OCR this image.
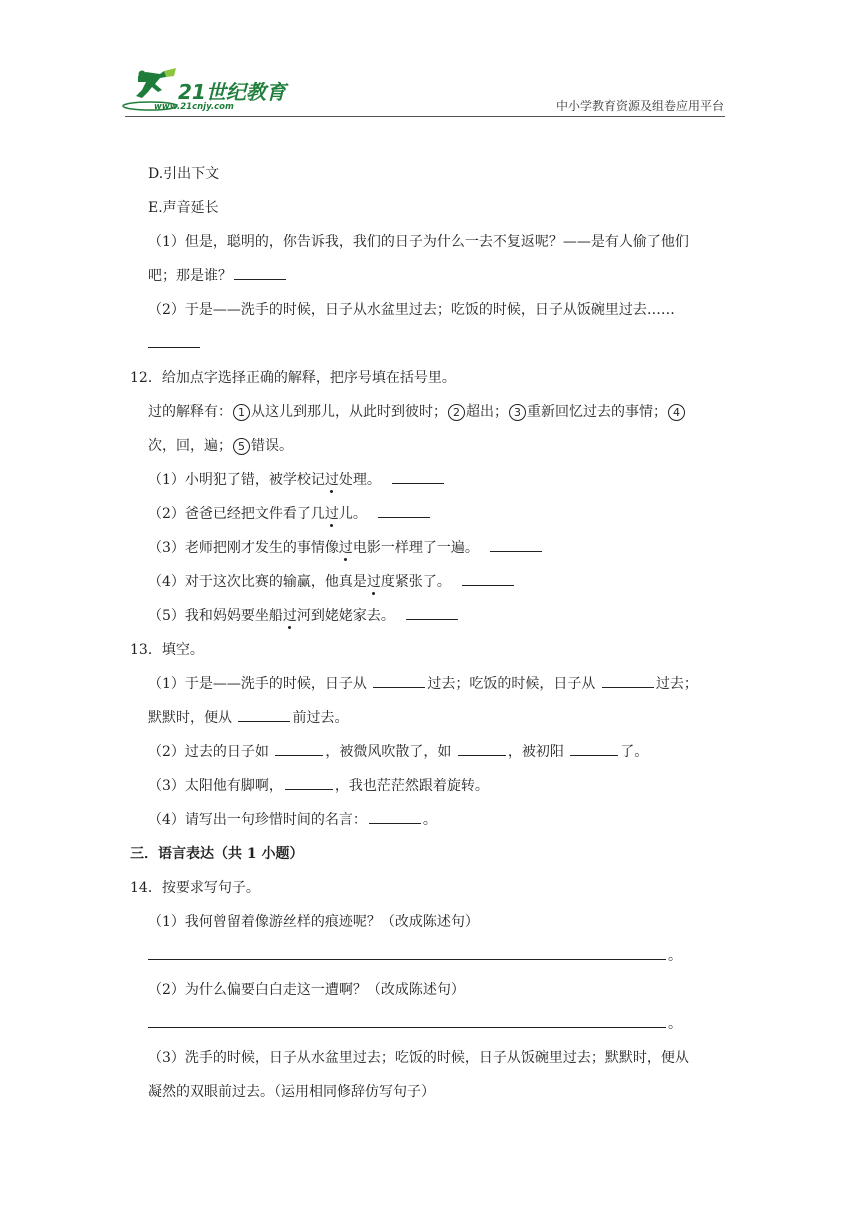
21世纪教育
www.21cnjy.com	中小学教育资源及组卷应用平台
D.引出下文
E.声音延长
（1）但是，聪明的，你告诉我，我们的日子为什么一去不复返呢？——是有人偷了他们
吧；那是谁？
（2）于是——洗手的时候，日子从水盆里过去；吃饭的时候，日子从饭碗里过去……
12．给加点字选择正确的解释，把序号填在括号里。
过的解释有： 1 从这儿到那儿，从此时到彼时； 2 超出； 3 重新回忆过去的事情； 4
次，回，遍； 5 错误。
（1）小明犯了错，被学校记过处理。
（2）爸爸已经把文件看了几过儿。
（3）老师把刚才发生的事情像过电影一样理了一遍。
（4）对于这次比赛的输赢，他真是过度紧张了。
（5）我和妈妈要坐船过河到姥姥家去。
13．填空。
（1）于是——洗手的时候，日子从	过去；吃饭的时候，日子从	过去；
默默时，便从	前过去。
（2）过去的日子如	，被微风吹散了，如	，被初阳	了。
（3）太阳他有脚啊，	，我也茫茫然跟着旋转。
（4）请写出一句珍惜时间的名言：	。
三．语言表达（共 1 小题）
14．按要求写句子。
（1）我何曾留着像游丝样的痕迹呢？（改成陈述句）
。
（2）为什么偏要白白走这一遭啊？（改成陈述句）
。
（3）洗手的时候，日子从水盆里过去；吃饭的时候，日子从饭碗里过去；默默时，便从
凝然的双眼前过去。（运用相同修辞仿写句子）
